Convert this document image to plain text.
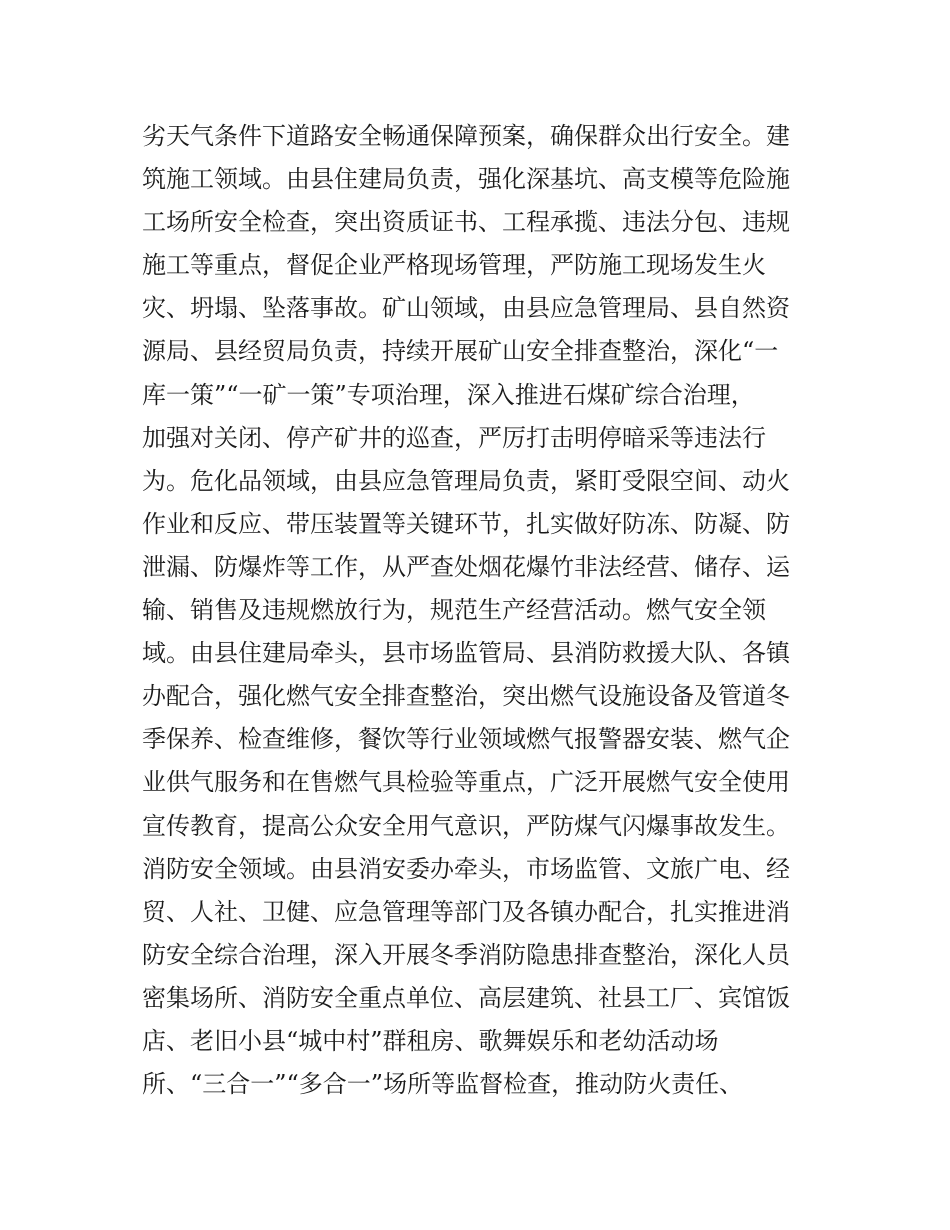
劣天气条件下道路安全畅通保障预案，确保群众出行安全。建
筑施工领域。由县住建局负责，强化深基坑、高支模等危险施
工场所安全检查，突出资质证书、工程承揽、违法分包、违规
施工等重点，督促企业严格现场管理，严防施工现场发生火
灾、坍塌、坠落事故。矿山领域，由县应急管理局、县自然资
源局、县经贸局负责，持续开展矿山安全排查整治，深化“一
库一策”“一矿一策”专项治理，深入推进石煤矿综合治理，
加强对关闭、停产矿井的巡查，严厉打击明停暗采等违法行
为。危化品领域，由县应急管理局负责，紧盯受限空间、动火
作业和反应、带压装置等关键环节，扎实做好防冻、防凝、防
泄漏、防爆炸等工作，从严查处烟花爆竹非法经营、储存、运
输、销售及违规燃放行为，规范生产经营活动。燃气安全领
域。由县住建局牵头，县市场监管局、县消防救援大队、各镇
办配合，强化燃气安全排查整治，突出燃气设施设备及管道冬
季保养、检查维修，餐饮等行业领域燃气报警器安装、燃气企
业供气服务和在售燃气具检验等重点，广泛开展燃气安全使用
宣传教育，提高公众安全用气意识，严防煤气闪爆事故发生。
消防安全领域。由县消安委办牵头，市场监管、文旅广电、经
贸、人社、卫健、应急管理等部门及各镇办配合，扎实推进消
防安全综合治理，深入开展冬季消防隐患排查整治，深化人员
密集场所、消防安全重点单位、高层建筑、社县工厂、宾馆饭
店、老旧小县“城中村”群租房、歌舞娱乐和老幼活动场
所、“三合一”“多合一”场所等监督检查，推动防火责任、
